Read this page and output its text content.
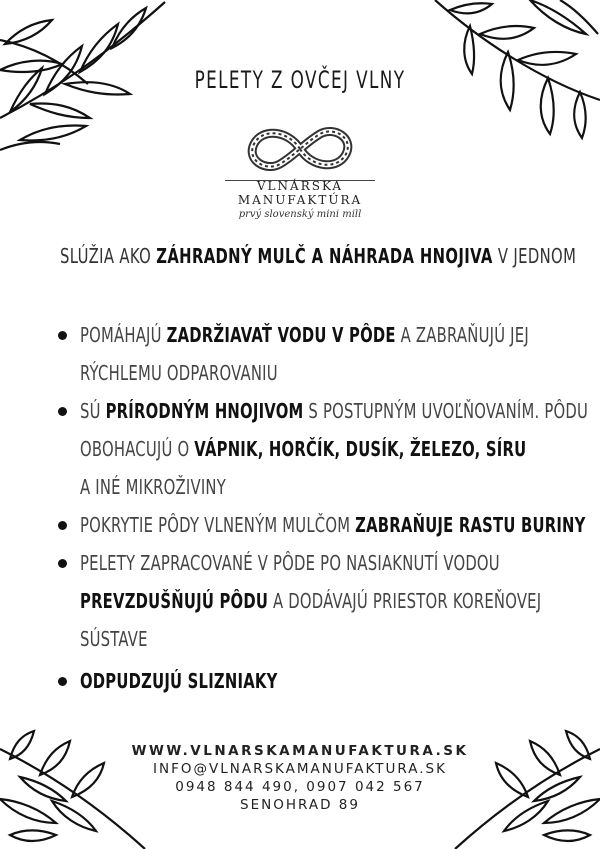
PELETY Z OVČEJ VLNY
VLNÁRSKA MANUFAKTÚRA
prvý slovenský mini mill
SLÚŽIA AKO ZÁHRADNÝ MULČ A NÁHRADA HNOJIVA V JEDNOM
POMÁHAJÚ ZADRŽIAVAŤ VODU V PÔDE A ZABRAŇUJÚ JEJ
RÝCHLEMU ODPAROVANIU
SÚ PRÍRODNÝM HNOJIVOM S POSTUPNÝM UVOĽŇOVANÍM. PÔDU
OBOHACUJÚ O VÁPNIK, HORČÍK, DUSÍK, ŽELEZO, SÍRU
A INÉ MIKROŽIVINY
POKRYTIE PÔDY VLNENÝM MULČOM ZABRAŇUJE RASTU BURINY
PELETY ZAPRACOVANÉ V PÔDE PO NASIAKNUTÍ VODOU
PREVZDUŠŇUJÚ PÔDU A DODÁVAJÚ PRIESTOR KOREŇOVEJ
SÚSTAVE
ODPUDZUJÚ SLIZNIAKY
WWW.VLNARSKAMANUFAKTURA.SK
INFO@VLNARSKAMANUFAKTURA.SK
0948 844 490, 0907 042 567
SENOHRAD 89
